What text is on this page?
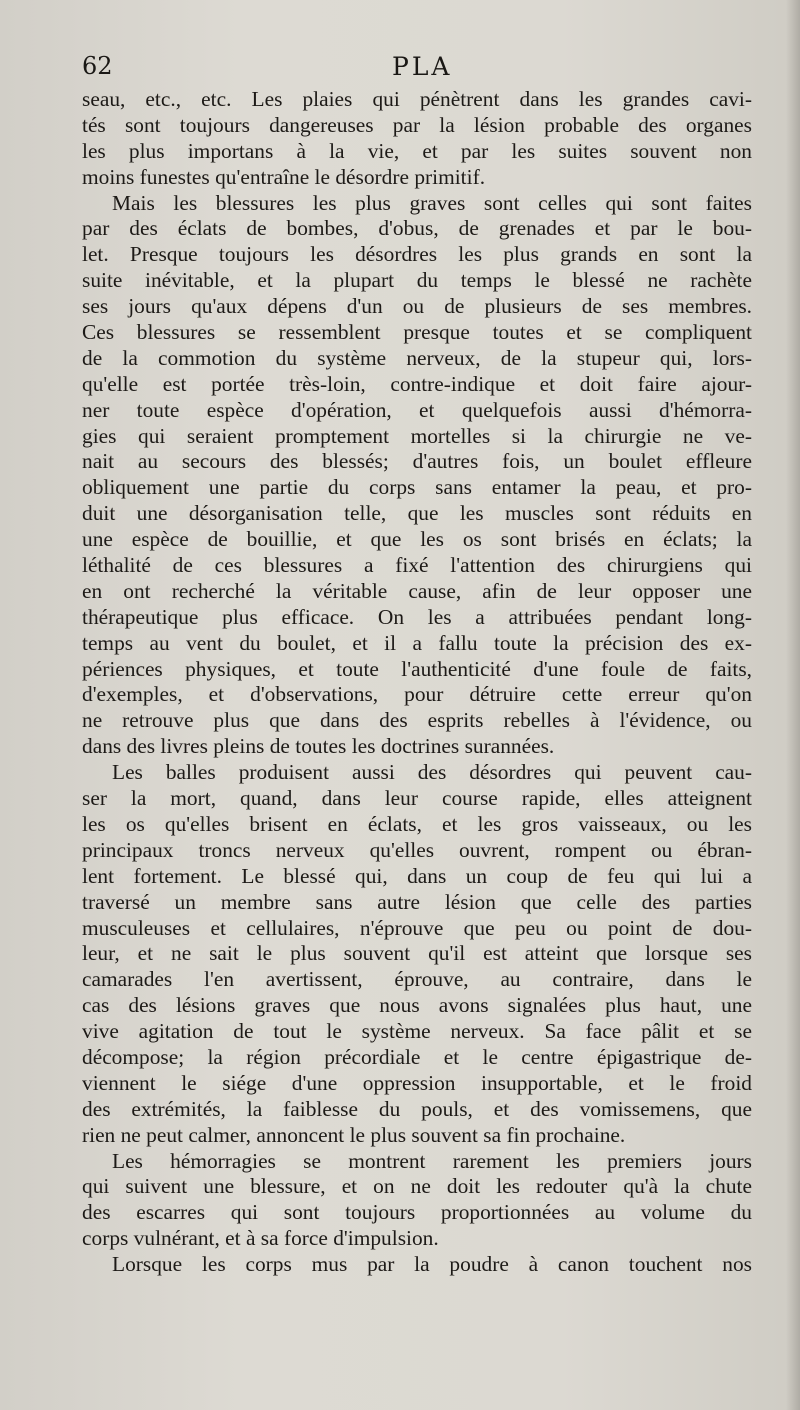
62	PLA
seau, etc., etc. Les plaies qui pénètrent dans les grandes cavi-
tés sont toujours dangereuses par la lésion probable des organes
les plus importans à la vie, et par les suites souvent non
moins funestes qu'entraîne le désordre primitif.
Mais les blessures les plus graves sont celles qui sont faites
par des éclats de bombes, d'obus, de grenades et par le bou-
let. Presque toujours les désordres les plus grands en sont la
suite inévitable, et la plupart du temps le blessé ne rachète
ses jours qu'aux dépens d'un ou de plusieurs de ses membres.
Ces blessures se ressemblent presque toutes et se compliquent
de la commotion du système nerveux, de la stupeur qui, lors-
qu'elle est portée très-loin, contre-indique et doit faire ajour-
ner toute espèce d'opération, et quelquefois aussi d'hémorra-
gies qui seraient promptement mortelles si la chirurgie ne ve-
nait au secours des blessés; d'autres fois, un boulet effleure
obliquement une partie du corps sans entamer la peau, et pro-
duit une désorganisation telle, que les muscles sont réduits en
une espèce de bouillie, et que les os sont brisés en éclats; la
léthalité de ces blessures a fixé l'attention des chirurgiens qui
en ont recherché la véritable cause, afin de leur opposer une
thérapeutique plus efficace. On les a attribuées pendant long-
temps au vent du boulet, et il a fallu toute la précision des ex-
périences physiques, et toute l'authenticité d'une foule de faits,
d'exemples, et d'observations, pour détruire cette erreur qu'on
ne retrouve plus que dans des esprits rebelles à l'évidence, ou
dans des livres pleins de toutes les doctrines surannées.
Les balles produisent aussi des désordres qui peuvent cau-
ser la mort, quand, dans leur course rapide, elles atteignent
les os qu'elles brisent en éclats, et les gros vaisseaux, ou les
principaux troncs nerveux qu'elles ouvrent, rompent ou ébran-
lent fortement. Le blessé qui, dans un coup de feu qui lui a
traversé un membre sans autre lésion que celle des parties
musculeuses et cellulaires, n'éprouve que peu ou point de dou-
leur, et ne sait le plus souvent qu'il est atteint que lorsque ses
camarades l'en avertissent, éprouve, au contraire, dans le
cas des lésions graves que nous avons signalées plus haut, une
vive agitation de tout le système nerveux. Sa face pâlit et se
décompose; la région précordiale et le centre épigastrique de-
viennent le siége d'une oppression insupportable, et le froid
des extrémités, la faiblesse du pouls, et des vomissemens, que
rien ne peut calmer, annoncent le plus souvent sa fin prochaine.
Les hémorragies se montrent rarement les premiers jours
qui suivent une blessure, et on ne doit les redouter qu'à la chute
des escarres qui sont toujours proportionnées au volume du
corps vulnérant, et à sa force d'impulsion.
Lorsque les corps mus par la poudre à canon touchent nos
